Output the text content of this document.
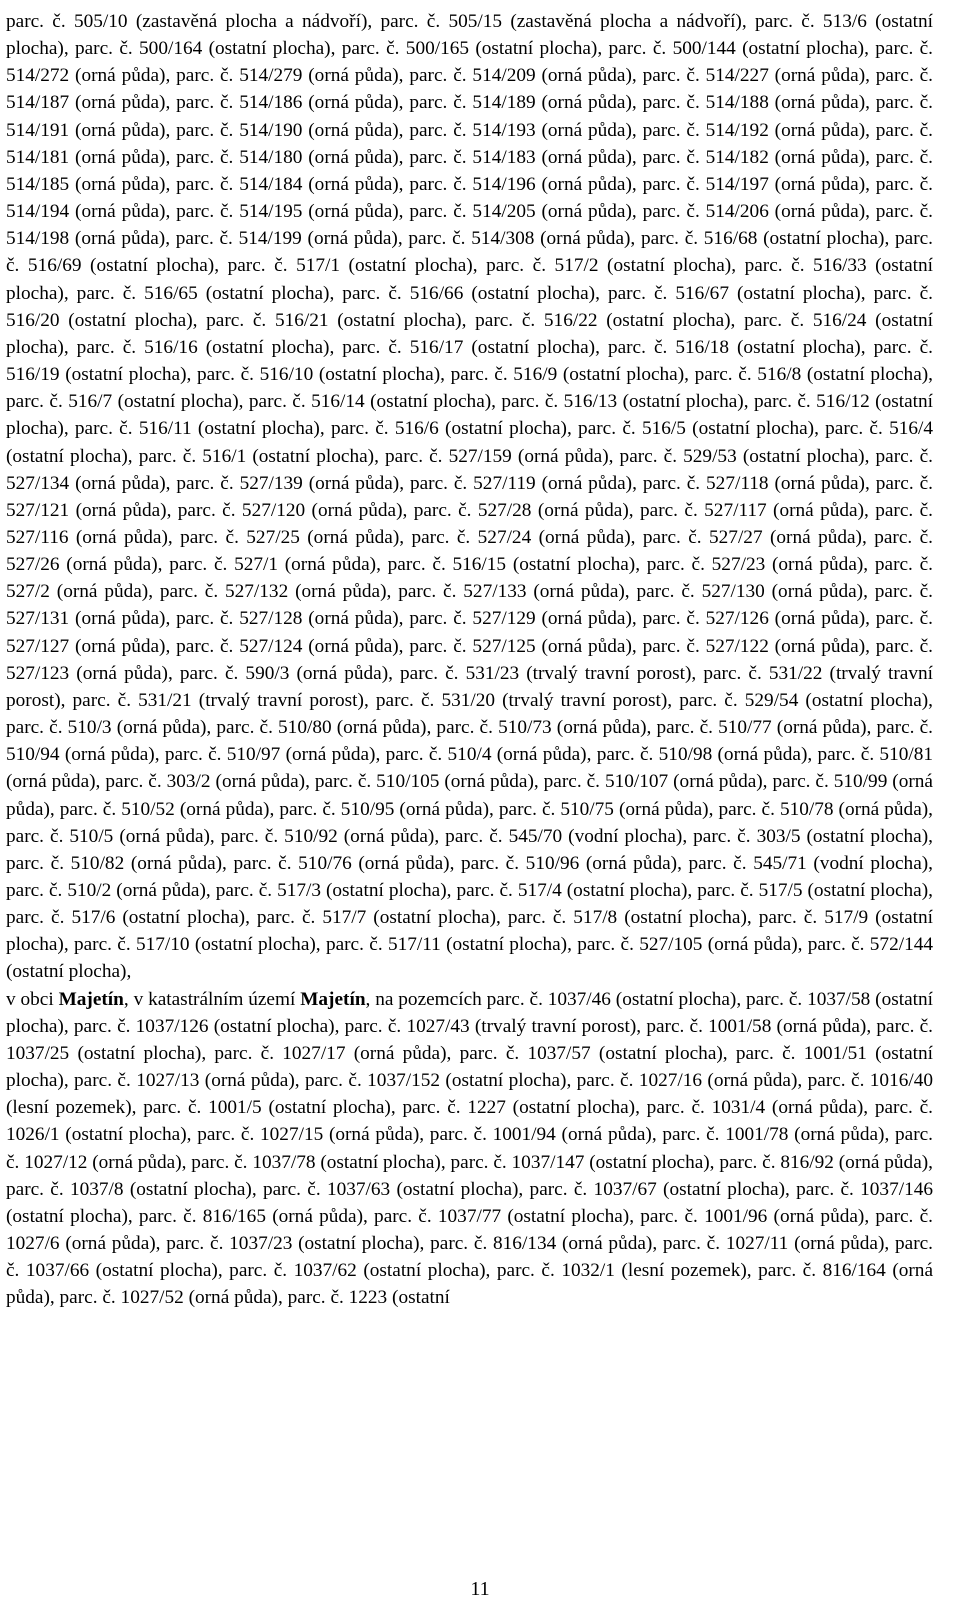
parc. č. 505/10 (zastavěná plocha a nádvoří), parc. č. 505/15 (zastavěná plocha a nádvoří), parc. č. 513/6 (ostatní plocha), parc. č. 500/164 (ostatní plocha), parc. č. 500/165 (ostatní plocha), parc. č. 500/144 (ostatní plocha), parc. č. 514/272 (orná půda), parc. č. 514/279 (orná půda), parc. č. 514/209 (orná půda), parc. č. 514/227 (orná půda), parc. č. 514/187 (orná půda), parc. č. 514/186 (orná půda), parc. č. 514/189 (orná půda), parc. č. 514/188 (orná půda), parc. č. 514/191 (orná půda), parc. č. 514/190 (orná půda), parc. č. 514/193 (orná půda), parc. č. 514/192 (orná půda), parc. č. 514/181 (orná půda), parc. č. 514/180 (orná půda), parc. č. 514/183 (orná půda), parc. č. 514/182 (orná půda), parc. č. 514/185 (orná půda), parc. č. 514/184 (orná půda), parc. č. 514/196 (orná půda), parc. č. 514/197 (orná půda), parc. č. 514/194 (orná půda), parc. č. 514/195 (orná půda), parc. č. 514/205 (orná půda), parc. č. 514/206 (orná půda), parc. č. 514/198 (orná půda), parc. č. 514/199 (orná půda), parc. č. 514/308 (orná půda), parc. č. 516/68 (ostatní plocha), parc. č. 516/69 (ostatní plocha), parc. č. 517/1 (ostatní plocha), parc. č. 517/2 (ostatní plocha), parc. č. 516/33 (ostatní plocha), parc. č. 516/65 (ostatní plocha), parc. č. 516/66 (ostatní plocha), parc. č. 516/67 (ostatní plocha), parc. č. 516/20 (ostatní plocha), parc. č. 516/21 (ostatní plocha), parc. č. 516/22 (ostatní plocha), parc. č. 516/24 (ostatní plocha), parc. č. 516/16 (ostatní plocha), parc. č. 516/17 (ostatní plocha), parc. č. 516/18 (ostatní plocha), parc. č. 516/19 (ostatní plocha), parc. č. 516/10 (ostatní plocha), parc. č. 516/9 (ostatní plocha), parc. č. 516/8 (ostatní plocha), parc. č. 516/7 (ostatní plocha), parc. č. 516/14 (ostatní plocha), parc. č. 516/13 (ostatní plocha), parc. č. 516/12 (ostatní plocha), parc. č. 516/11 (ostatní plocha), parc. č. 516/6 (ostatní plocha), parc. č. 516/5 (ostatní plocha), parc. č. 516/4 (ostatní plocha), parc. č. 516/1 (ostatní plocha), parc. č. 527/159 (orná půda), parc. č. 529/53 (ostatní plocha), parc. č. 527/134 (orná půda), parc. č. 527/139 (orná půda), parc. č. 527/119 (orná půda), parc. č. 527/118 (orná půda), parc. č. 527/121 (orná půda), parc. č. 527/120 (orná půda), parc. č. 527/28 (orná půda), parc. č. 527/117 (orná půda), parc. č. 527/116 (orná půda), parc. č. 527/25 (orná půda), parc. č. 527/24 (orná půda), parc. č. 527/27 (orná půda), parc. č. 527/26 (orná půda), parc. č. 527/1 (orná půda), parc. č. 516/15 (ostatní plocha), parc. č. 527/23 (orná půda), parc. č. 527/2 (orná půda), parc. č. 527/132 (orná půda), parc. č. 527/133 (orná půda), parc. č. 527/130 (orná půda), parc. č. 527/131 (orná půda), parc. č. 527/128 (orná půda), parc. č. 527/129 (orná půda), parc. č. 527/126 (orná půda), parc. č. 527/127 (orná půda), parc. č. 527/124 (orná půda), parc. č. 527/125 (orná půda), parc. č. 527/122 (orná půda), parc. č. 527/123 (orná půda), parc. č. 590/3 (orná půda), parc. č. 531/23 (trvalý travní porost), parc. č. 531/22 (trvalý travní porost), parc. č. 531/21 (trvalý travní porost), parc. č. 531/20 (trvalý travní porost), parc. č. 529/54 (ostatní plocha), parc. č. 510/3 (orná půda), parc. č. 510/80 (orná půda), parc. č. 510/73 (orná půda), parc. č. 510/77 (orná půda), parc. č. 510/94 (orná půda), parc. č. 510/97 (orná půda), parc. č. 510/4 (orná půda), parc. č. 510/98 (orná půda), parc. č. 510/81 (orná půda), parc. č. 303/2 (orná půda), parc. č. 510/105 (orná půda), parc. č. 510/107 (orná půda), parc. č. 510/99 (orná půda), parc. č. 510/52 (orná půda), parc. č. 510/95 (orná půda), parc. č. 510/75 (orná půda), parc. č. 510/78 (orná půda), parc. č. 510/5 (orná půda), parc. č. 510/92 (orná půda), parc. č. 545/70 (vodní plocha), parc. č. 303/5 (ostatní plocha), parc. č. 510/82 (orná půda), parc. č. 510/76 (orná půda), parc. č. 510/96 (orná půda), parc. č. 545/71 (vodní plocha), parc. č. 510/2 (orná půda), parc. č. 517/3 (ostatní plocha), parc. č. 517/4 (ostatní plocha), parc. č. 517/5 (ostatní plocha), parc. č. 517/6 (ostatní plocha), parc. č. 517/7 (ostatní plocha), parc. č. 517/8 (ostatní plocha), parc. č. 517/9 (ostatní plocha), parc. č. 517/10 (ostatní plocha), parc. č. 517/11 (ostatní plocha), parc. č. 527/105 (orná půda), parc. č. 572/144 (ostatní plocha),

v obci Majetín, v katastrálním území Majetín, na pozemcích parc. č. 1037/46 (ostatní plocha), parc. č. 1037/58 (ostatní plocha), parc. č. 1037/126 (ostatní plocha), parc. č. 1027/43 (trvalý travní porost), parc. č. 1001/58 (orná půda), parc. č. 1037/25 (ostatní plocha), parc. č. 1027/17 (orná půda), parc. č. 1037/57 (ostatní plocha), parc. č. 1001/51 (ostatní plocha), parc. č. 1027/13 (orná půda), parc. č. 1037/152 (ostatní plocha), parc. č. 1027/16 (orná půda), parc. č. 1016/40 (lesní pozemek), parc. č. 1001/5 (ostatní plocha), parc. č. 1227 (ostatní plocha), parc. č. 1031/4 (orná půda), parc. č. 1026/1 (ostatní plocha), parc. č. 1027/15 (orná půda), parc. č. 1001/94 (orná půda), parc. č. 1001/78 (orná půda), parc. č. 1027/12 (orná půda), parc. č. 1037/78 (ostatní plocha), parc. č. 1037/147 (ostatní plocha), parc. č. 816/92 (orná půda), parc. č. 1037/8 (ostatní plocha), parc. č. 1037/63 (ostatní plocha), parc. č. 1037/67 (ostatní plocha), parc. č. 1037/146 (ostatní plocha), parc. č. 816/165 (orná půda), parc. č. 1037/77 (ostatní plocha), parc. č. 1001/96 (orná půda), parc. č. 1027/6 (orná půda), parc. č. 1037/23 (ostatní plocha), parc. č. 816/134 (orná půda), parc. č. 1027/11 (orná půda), parc. č. 1037/66 (ostatní plocha), parc. č. 1037/62 (ostatní plocha), parc. č. 1032/1 (lesní pozemek), parc. č. 816/164 (orná půda), parc. č. 1027/52 (orná půda), parc. č. 1223 (ostatní

11
